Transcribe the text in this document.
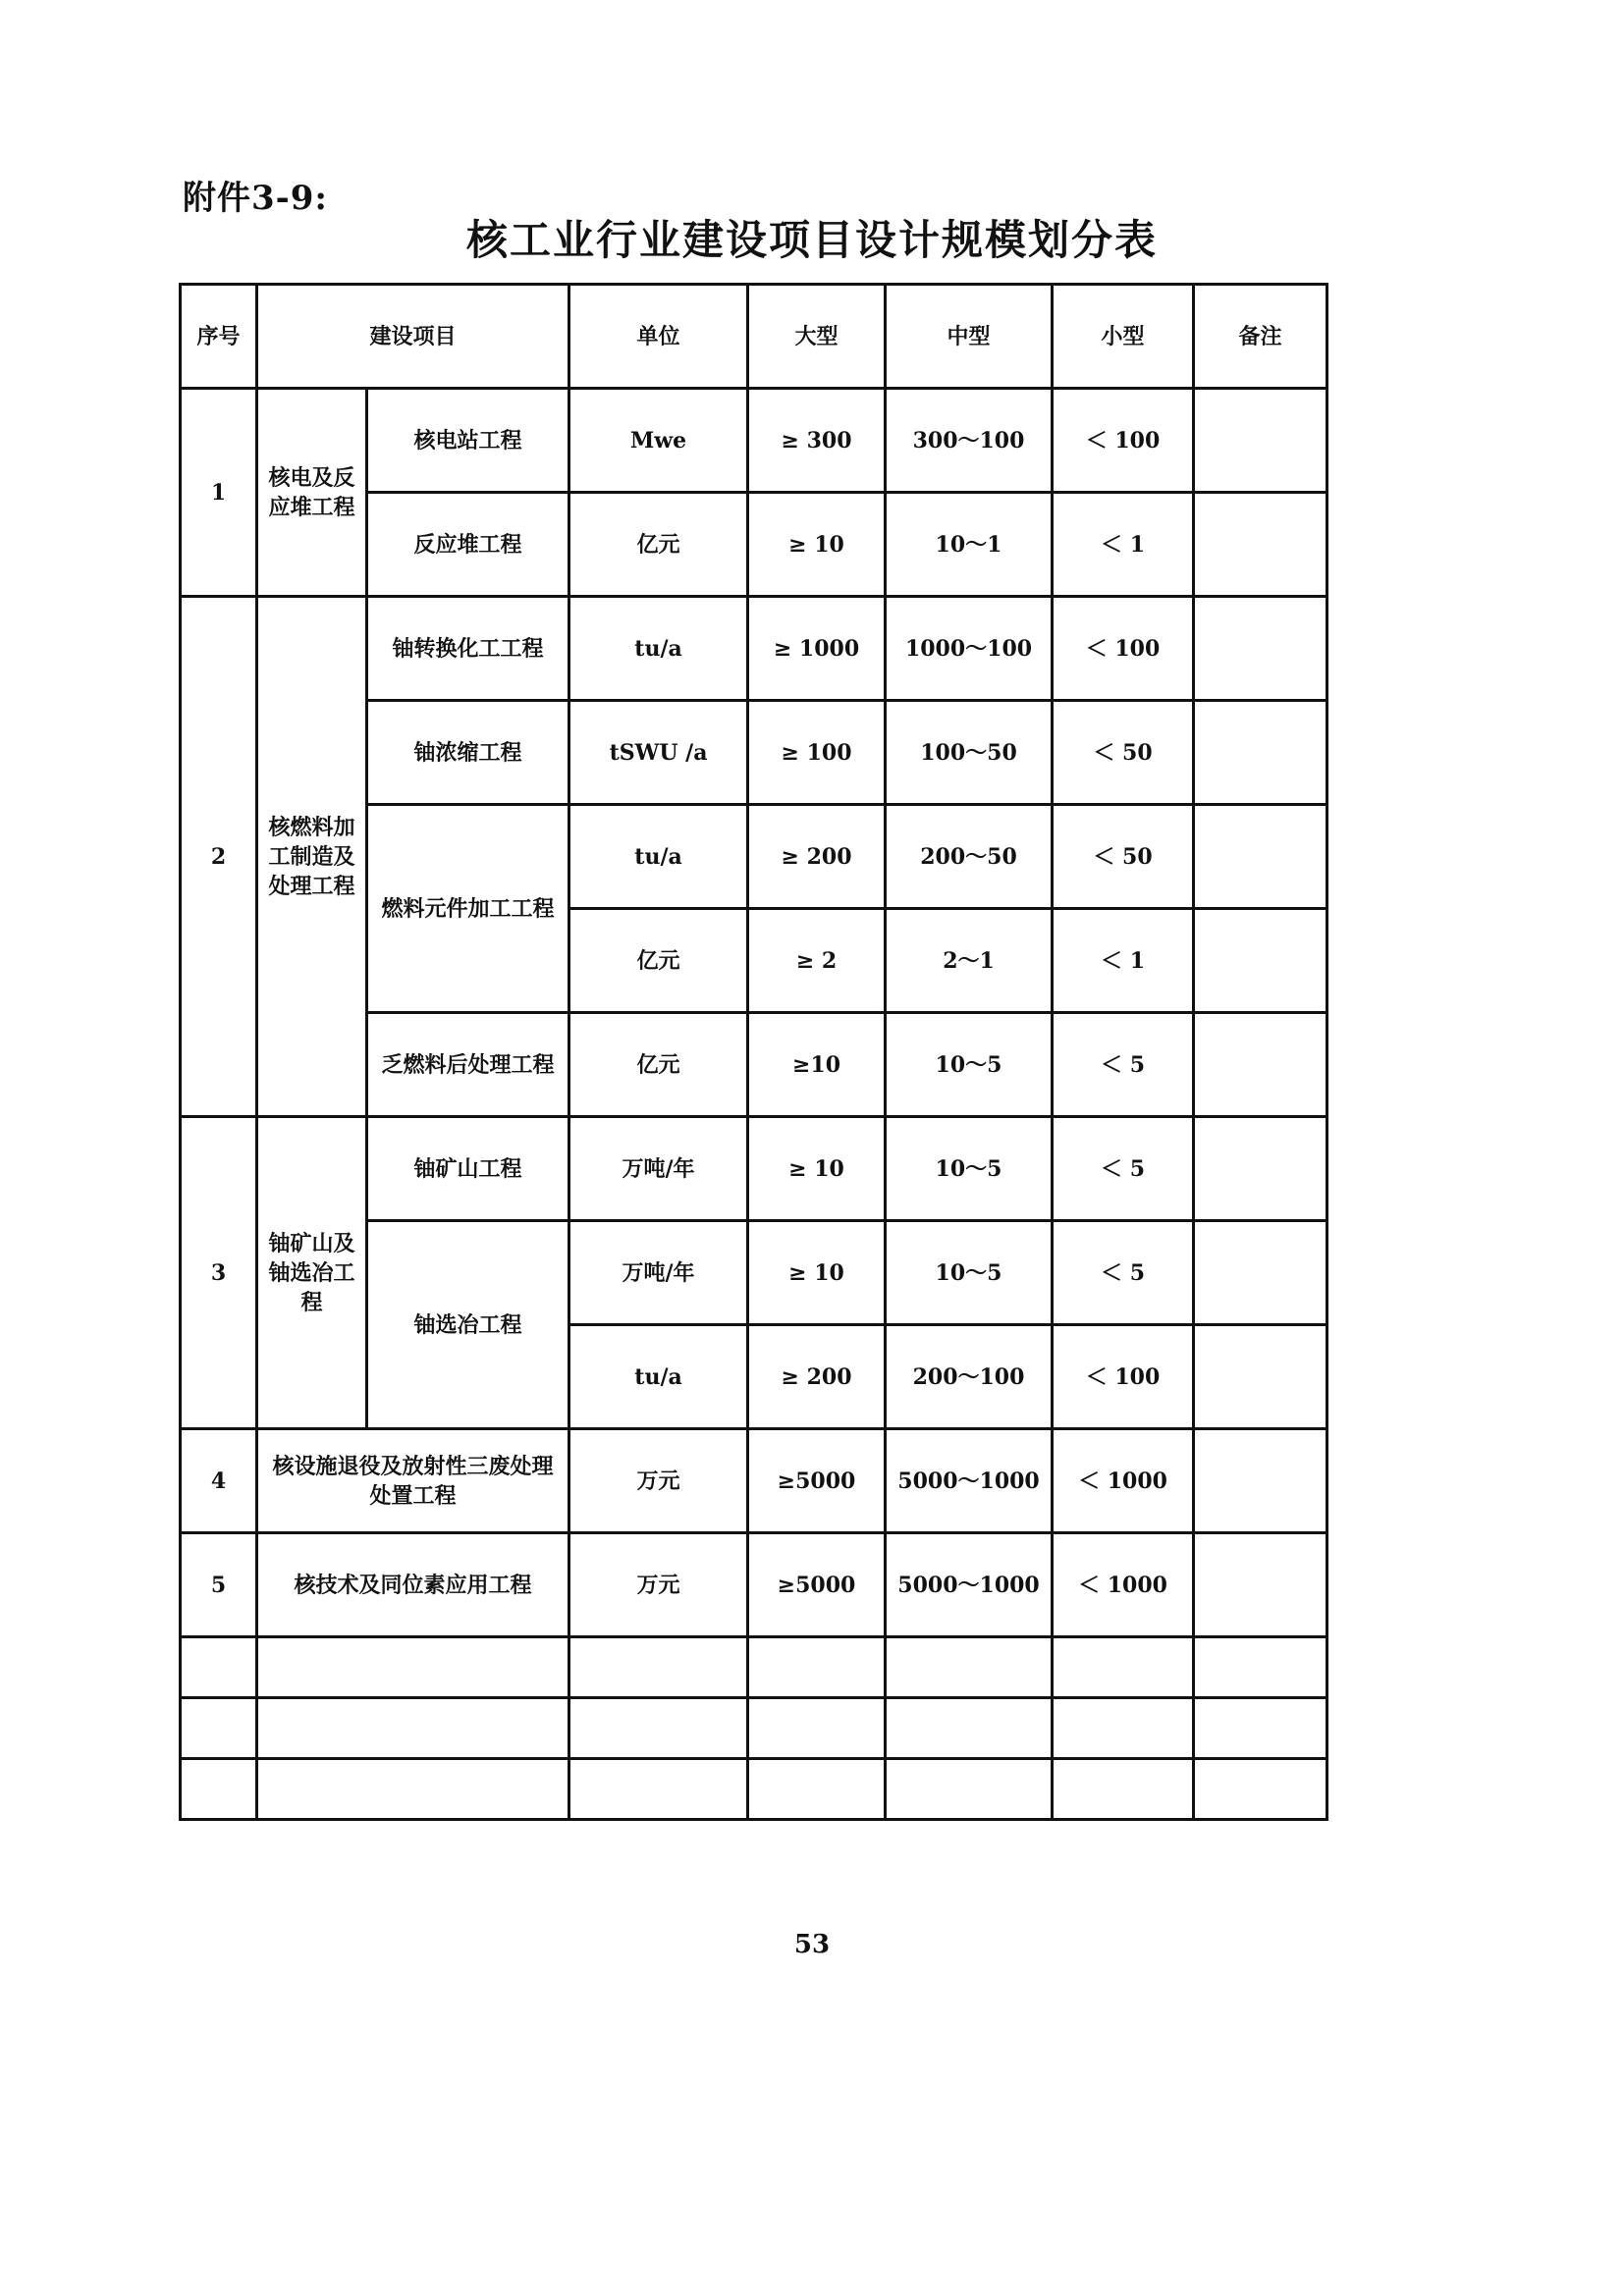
附件3-9:
核工业行业建设项目设计规模划分表
序号	建设项目		单位	大型	中型	小型	备注
1	核电及反应堆工程	核电站工程	Mwe	≥ 300	300～100	＜ 100	
		反应堆工程	亿元	≥ 10	10～1	＜ 1	
2	核燃料加工制造及处理工程	铀转换化工工程	tu/a	≥ 1000	1000～100	＜ 100	
		铀浓缩工程	tSWU /a	≥ 100	100～50	＜ 50	
		燃料元件加工工程	tu/a	≥ 200	200～50	＜ 50	
			亿元	≥ 2	2～1	＜ 1	
		乏燃料后处理工程	亿元	≥10	10～5	＜ 5	
3	铀矿山及铀选冶工程	铀矿山工程	万吨/年	≥ 10	10～5	＜ 5	
		铀选冶工程	万吨/年	≥ 10	10～5	＜ 5	
			tu/a	≥ 200	200～100	＜ 100	
4	核设施退役及放射性三废处理处置工程		万元	≥5000	5000～1000	＜ 1000	
5	核技术及同位素应用工程		万元	≥5000	5000～1000	＜ 1000	

53
